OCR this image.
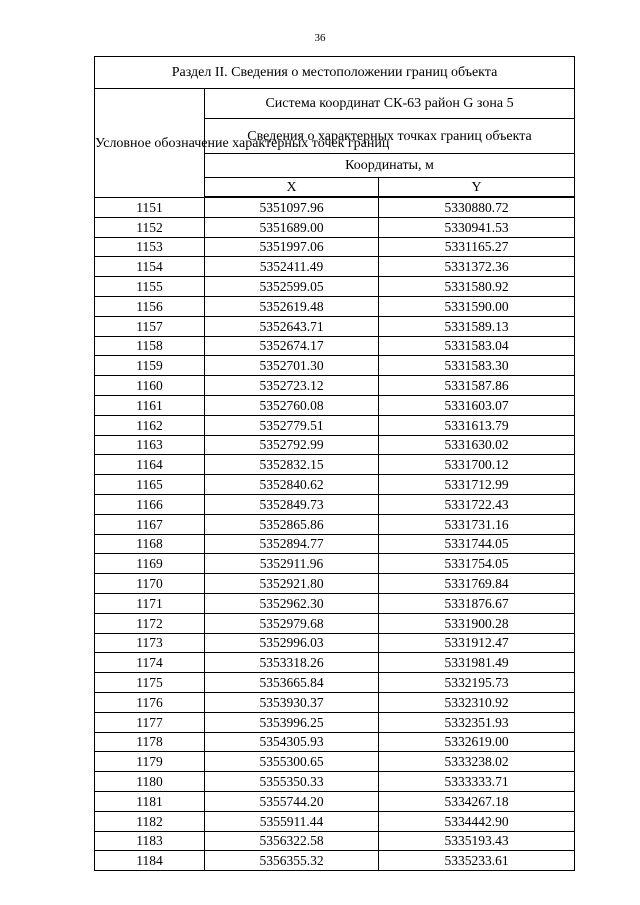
36
Раздел II. Сведения о местоположении границ объекта		
Условное обозначение характерных точек границ	Система координат СК-63 район G зона 5	
	Сведения о характерных точках границ объекта	
	Координаты, м	
	X	Y

1151	5351097.96	5330880.72
1152	5351689.00	5330941.53
1153	5351997.06	5331165.27
1154	5352411.49	5331372.36
1155	5352599.05	5331580.92
1156	5352619.48	5331590.00
1157	5352643.71	5331589.13
1158	5352674.17	5331583.04
1159	5352701.30	5331583.30
1160	5352723.12	5331587.86
1161	5352760.08	5331603.07
1162	5352779.51	5331613.79
1163	5352792.99	5331630.02
1164	5352832.15	5331700.12
1165	5352840.62	5331712.99
1166	5352849.73	5331722.43
1167	5352865.86	5331731.16
1168	5352894.77	5331744.05
1169	5352911.96	5331754.05
1170	5352921.80	5331769.84
1171	5352962.30	5331876.67
1172	5352979.68	5331900.28
1173	5352996.03	5331912.47
1174	5353318.26	5331981.49
1175	5353665.84	5332195.73
1176	5353930.37	5332310.92
1177	5353996.25	5332351.93
1178	5354305.93	5332619.00
1179	5355300.65	5333238.02
1180	5355350.33	5333333.71
1181	5355744.20	5334267.18
1182	5355911.44	5334442.90
1183	5356322.58	5335193.43
1184	5356355.32	5335233.61
